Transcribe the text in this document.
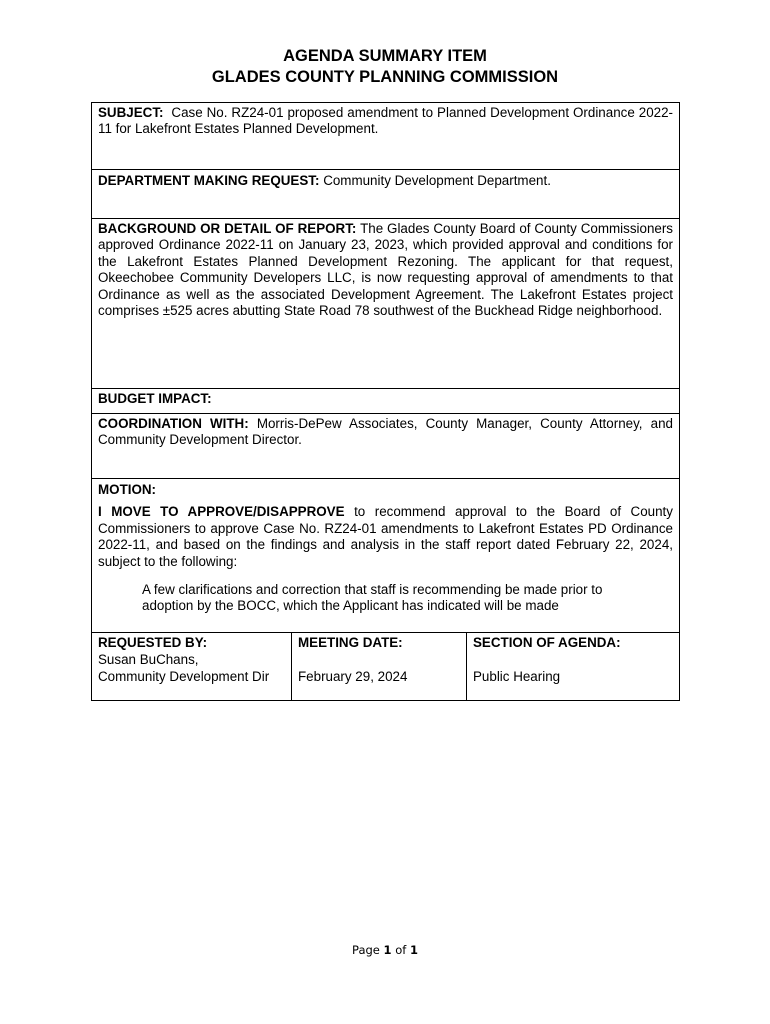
AGENDA SUMMARY ITEM
GLADES COUNTY PLANNING COMMISSION
SUBJECT: Case No. RZ24-01 proposed amendment to Planned Development Ordinance 2022-11 for Lakefront Estates Planned Development.
DEPARTMENT MAKING REQUEST: Community Development Department.
BACKGROUND OR DETAIL OF REPORT: The Glades County Board of County Commissioners approved Ordinance 2022-11 on January 23, 2023, which provided approval and conditions for the Lakefront Estates Planned Development Rezoning. The applicant for that request, Okeechobee Community Developers LLC, is now requesting approval of amendments to that Ordinance as well as the associated Development Agreement. The Lakefront Estates project comprises ±525 acres abutting State Road 78 southwest of the Buckhead Ridge neighborhood.
BUDGET IMPACT:
COORDINATION WITH: Morris-DePew Associates, County Manager, County Attorney, and Community Development Director.
MOTION:
I MOVE TO APPROVE/DISAPPROVE to recommend approval to the Board of County Commissioners to approve Case No. RZ24-01 amendments to Lakefront Estates PD Ordinance 2022-11, and based on the findings and analysis in the staff report dated February 22, 2024, subject to the following:
A few clarifications and correction that staff is recommending be made prior to adoption by the BOCC, which the Applicant has indicated will be made
REQUESTED BY:
Susan BuChans,
Community Development Dir
MEETING DATE:
February 29, 2024
SECTION OF AGENDA:
Public Hearing
Page 1 of 1
